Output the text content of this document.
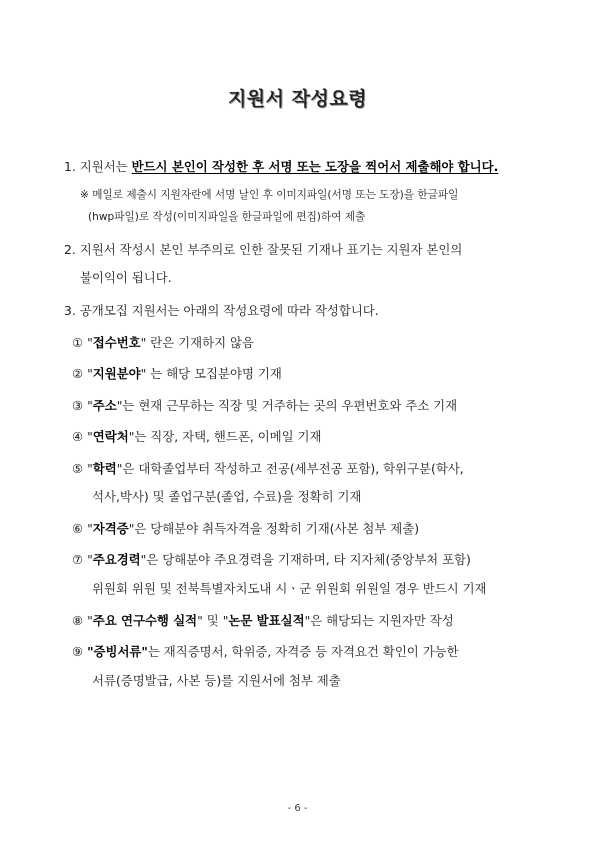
지원서 작성요령
1. 지원서는 반드시 본인이 작성한 후 서명 또는 도장을 찍어서 제출해야 합니다.
※ 메일로 제출시 지원자란에 서명 날인 후 이미지파일(서명 또는 도장)을 한글파일
(hwp파일)로 작성(이미지파일을 한글파일에 편집)하여 제출
2. 지원서 작성시 본인 부주의로 인한 잘못된 기재나 표기는 지원자 본인의
불이익이 됩니다.
3. 공개모집 지원서는 아래의 작성요령에 따라 작성합니다.
① "접수번호" 란은 기재하지 않음
② "지원분야" 는 해당 모집분야명 기재
③ "주소"는 현재 근무하는 직장 및 거주하는 곳의 우편번호와 주소 기재
④ "연락처"는 직장, 자택, 핸드폰, 이메일 기재
⑤ "학력"은 대학졸업부터 작성하고 전공(세부전공 포함), 학위구분(학사,
석사,박사) 및 졸업구분(졸업, 수료)을 정확히 기재
⑥ "자격증"은 당해분야 취득자격을 정확히 기재(사본 첨부 제출)
⑦ "주요경력"은 당해분야 주요경력을 기재하며, 타 지자체(중앙부처 포함)
위원회 위원 및 전북특별자치도내 시ㆍ군 위원회 위원일 경우 반드시 기재
⑧ "주요 연구수행 실적" 및 "논문 발표실적"은 해당되는 지원자만 작성
⑨ "증빙서류"는 재직증명서, 학위증, 자격증 등 자격요건 확인이 가능한
서류(증명발급, 사본 등)를 지원서에 첨부 제출
- 6 -
